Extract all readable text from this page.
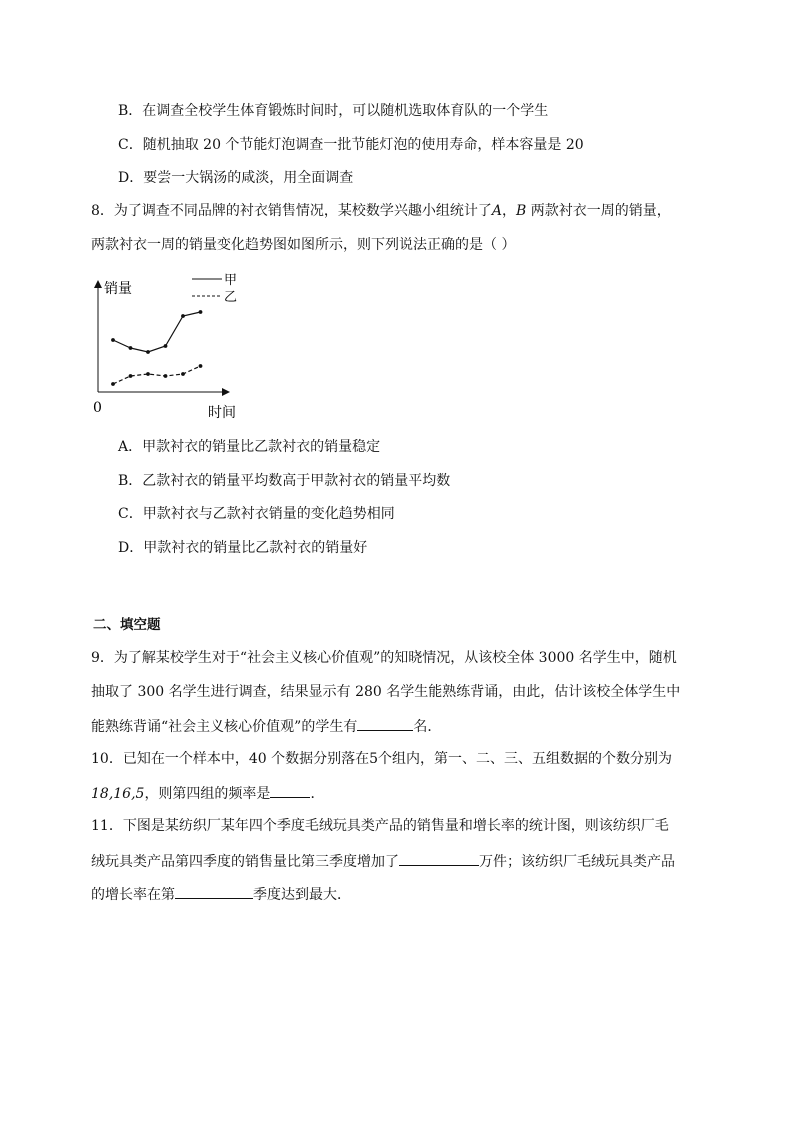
B．在调查全校学生体育锻炼时间时，可以随机选取体育队的一个学生
C．随机抽取 20 个节能灯泡调查一批节能灯泡的使用寿命，样本容量是 20
D．要尝一大锅汤的咸淡，用全面调查
8．为了调查不同品牌的衬衣销售情况，某校数学兴趣小组统计了A，B 两款衬衣一周的销量，
两款衬衣一周的销量变化趋势图如图所示，则下列说法正确的是（ ）
销量
时间
0
甲
乙
A．甲款衬衣的销量比乙款衬衣的销量稳定
B．乙款衬衣的销量平均数高于甲款衬衣的销量平均数
C．甲款衬衣与乙款衬衣销量的变化趋势相同
D．甲款衬衣的销量比乙款衬衣的销量好
二、填空题
9．为了解某校学生对于“社会主义核心价值观”的知晓情况，从该校全体 3000 名学生中，随机
抽取了 300 名学生进行调查，结果显示有 280 名学生能熟练背诵，由此，估计该校全体学生中
能熟练背诵“社会主义核心价值观”的学生有	名．
10．已知在一个样本中，40 个数据分别落在5个组内，第一、二、三、五组数据的个数分别为
18,16,5，则第四组的频率是	．
11．下图是某纺织厂某年四个季度毛绒玩具类产品的销售量和增长率的统计图，则该纺织厂毛
绒玩具类产品第四季度的销售量比第三季度增加了	万件；该纺织厂毛绒玩具类产品
的增长率在第	季度达到最大．
